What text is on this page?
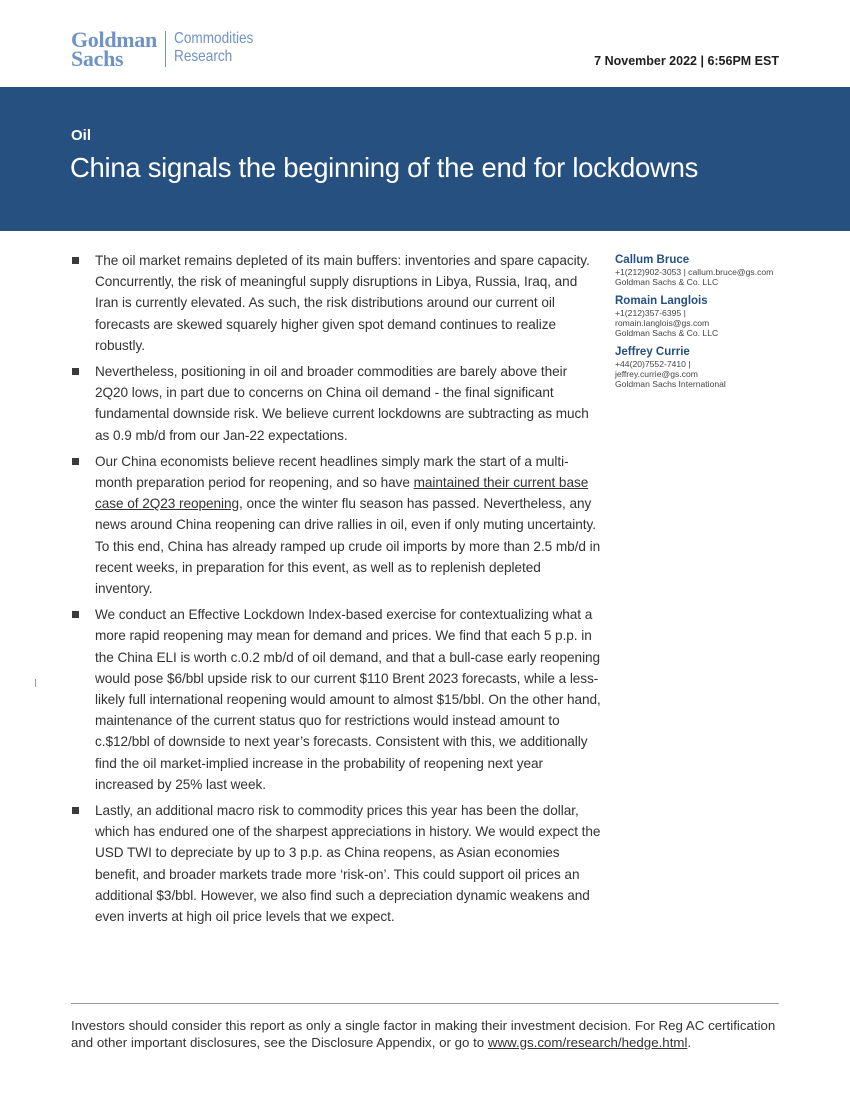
Goldman
Sachs
Commodities
Research	7 November 2022 | 6:56PM EST
Oil
China signals the beginning of the end for lockdowns
The oil market remains depleted of its main buffers: inventories and spare capacity. Concurrently, the risk of meaningful supply disruptions in Libya, Russia, Iraq, and Iran is currently elevated. As such, the risk distributions around our current oil forecasts are skewed squarely higher given spot demand continues to realize robustly.
Nevertheless, positioning in oil and broader commodities are barely above their 2Q20 lows, in part due to concerns on China oil demand - the final significant fundamental downside risk. We believe current lockdowns are subtracting as much as 0.9 mb/d from our Jan-22 expectations.
Our China economists believe recent headlines simply mark the start of a multi-month preparation period for reopening, and so have maintained their current base case of 2Q23 reopening, once the winter flu season has passed. Nevertheless, any news around China reopening can drive rallies in oil, even if only muting uncertainty. To this end, China has already ramped up crude oil imports by more than 2.5 mb/d in recent weeks, in preparation for this event, as well as to replenish depleted inventory.
We conduct an Effective Lockdown Index-based exercise for contextualizing what a more rapid reopening may mean for demand and prices. We find that each 5 p.p. in the China ELI is worth c.0.2 mb/d of oil demand, and that a bull-case early reopening would pose $6/bbl upside risk to our current $110 Brent 2023 forecasts, while a less-likely full international reopening would amount to almost $15/bbl. On the other hand, maintenance of the current status quo for restrictions would instead amount to c.$12/bbl of downside to next year’s forecasts. Consistent with this, we additionally find the oil market-implied increase in the probability of reopening next year increased by 25% last week.
Lastly, an additional macro risk to commodity prices this year has been the dollar, which has endured one of the sharpest appreciations in history. We would expect the USD TWI to depreciate by up to 3 p.p. as China reopens, as Asian economies benefit, and broader markets trade more ‘risk-on’. This could support oil prices an additional $3/bbl. However, we also find such a depreciation dynamic weakens and even inverts at high oil price levels that we expect.
Callum Bruce
+1(212)902-3053 | callum.bruce@gs.com
Goldman Sachs & Co. LLC
Romain Langlois
+1(212)357-6395 |
romain.langlois@gs.com
Goldman Sachs & Co. LLC
Jeffrey Currie
+44(20)7552-7410 |
jeffrey.currie@gs.com
Goldman Sachs International
Investors should consider this report as only a single factor in making their investment decision. For Reg AC certification and other important disclosures, see the Disclosure Appendix, or go to www.gs.com/research/hedge.html.
